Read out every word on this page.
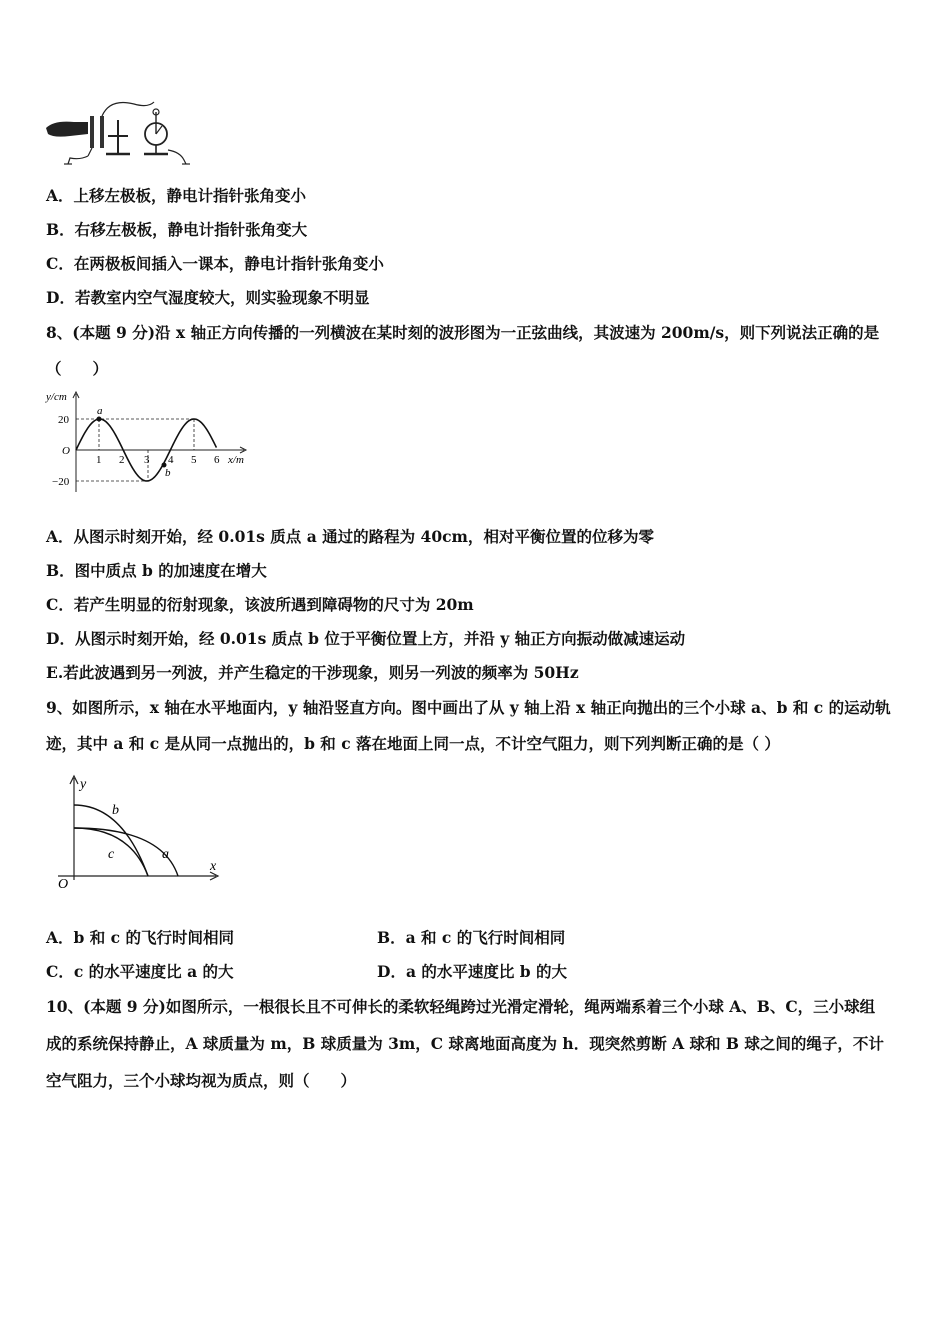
A．上移左极板，静电计指针张角变小
B．右移左极板，静电计指针张角变大
C．在两极板间插入一课本，静电计指针张角变小
D．若教室内空气湿度较大，则实验现象不明显
8、(本题 9 分)沿 x 轴正方向传播的一列横波在某时刻的波形图为一正弦曲线，其波速为 200m/s，则下列说法正确的是
（　　）
y/cm
20
O
−20
1 2 3 4 5 6 x/m
a
b
A．从图示时刻开始，经 0.01s 质点 a 通过的路程为 40cm，相对平衡位置的位移为零
B．图中质点 b 的加速度在增大
C．若产生明显的衍射现象，该波所遇到障碍物的尺寸为 20m
D．从图示时刻开始，经 0.01s 质点 b 位于平衡位置上方，并沿 y 轴正方向振动做减速运动
E.若此波遇到另一列波，并产生稳定的干涉现象，则另一列波的频率为 50Hz
9、如图所示，x 轴在水平地面内，y 轴沿竖直方向。图中画出了从 y 轴上沿 x 轴正向抛出的三个小球 a、b 和 c 的运动轨
迹，其中 a 和 c 是从同一点抛出的，b 和 c 落在地面上同一点，不计空气阻力，则下列判断正确的是（ ）
y
x
O
b
a
c
A．b 和 c 的飞行时间相同	B．a 和 c 的飞行时间相同
C．c 的水平速度比 a 的大	D．a 的水平速度比 b 的大
10、(本题 9 分)如图所示，一根很长且不可伸长的柔软轻绳跨过光滑定滑轮，绳两端系着三个小球 A、B、C，三小球组
成的系统保持静止，A 球质量为 m，B 球质量为 3m，C 球离地面高度为 h．现突然剪断 A 球和 B 球之间的绳子，不计
空气阻力，三个小球均视为质点，则（　　）
